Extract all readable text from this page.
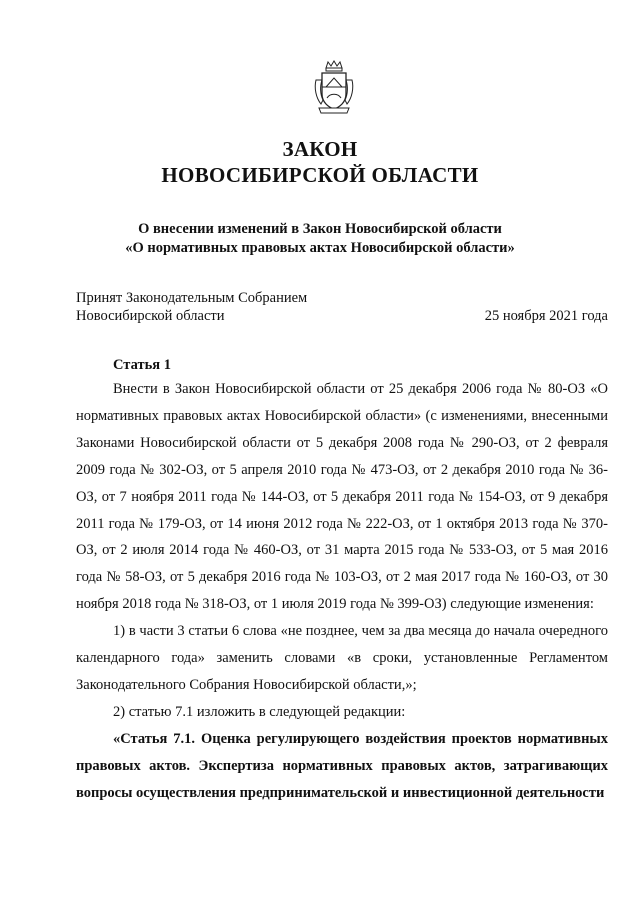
ЗАКОН
НОВОСИБИРСКОЙ ОБЛАСТИ
О внесении изменений в Закон Новосибирской области
«О нормативных правовых актах Новосибирской области»
Принят Законодательным Собранием
Новосибирской области	25 ноября 2021 года
Статья 1

Внести в Закон Новосибирской области от 25 декабря 2006 года № 80-ОЗ «О нормативных правовых актах Новосибирской области» (с изменениями, внесенными Законами Новосибирской области от 5 декабря 2008 года № 290-ОЗ, от 2 февраля 2009 года № 302-ОЗ, от 5 апреля 2010 года № 473-ОЗ, от 2 декабря 2010 года № 36-ОЗ, от 7 ноября 2011 года № 144-ОЗ, от 5 декабря 2011 года № 154-ОЗ, от 9 декабря 2011 года № 179-ОЗ, от 14 июня 2012 года № 222-ОЗ, от 1 октября 2013 года № 370-ОЗ, от 2 июля 2014 года № 460-ОЗ, от 31 марта 2015 года № 533-ОЗ, от 5 мая 2016 года № 58-ОЗ, от 5 декабря 2016 года № 103-ОЗ, от 2 мая 2017 года № 160-ОЗ, от 30 ноября 2018 года № 318-ОЗ, от 1 июля 2019 года № 399-ОЗ) следующие изменения:

1) в части 3 статьи 6 слова «не позднее, чем за два месяца до начала очередного календарного года» заменить словами «в сроки, установленные Регламентом Законодательного Собрания Новосибирской области,»;

2) статью 7.1 изложить в следующей редакции:

«Статья 7.1. Оценка регулирующего воздействия проектов нормативных правовых актов. Экспертиза нормативных правовых актов, затрагивающих вопросы осуществления предпринимательской и инвестиционной деятельности
